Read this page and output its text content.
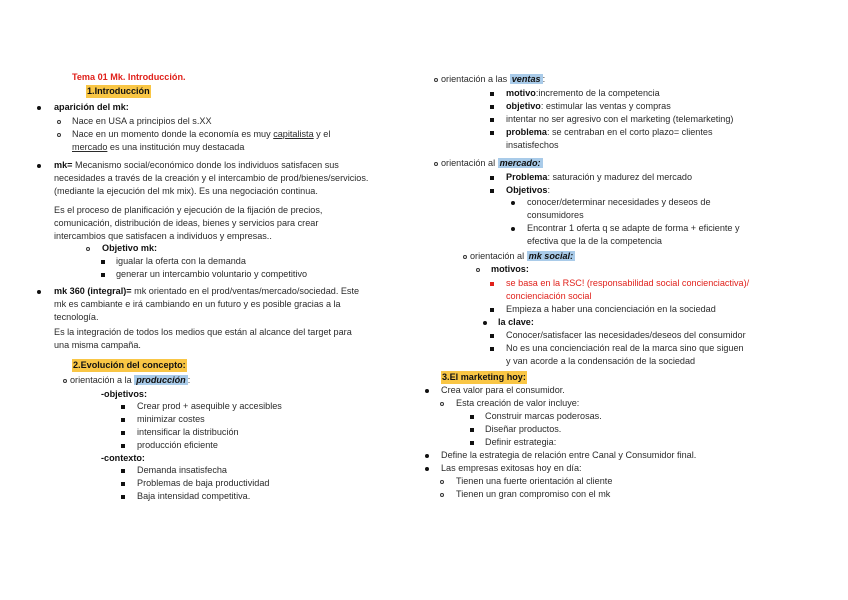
Tema 01 Mk. Introducción.
1.Introducción
aparición del mk:
Nace en USA a principios del s.XX
Nace en un momento donde la economía es muy capitalista y el
mercado es una institución muy destacada
mk= Mecanismo social/económico donde los individuos satisfacen sus
necesidades a través de la creación y el intercambio de prod/bienes/servicios.
(mediante la ejecución del mk mix). Es una negociación continua.
Es el proceso de planificación y ejecución de la fijación de precios,
comunicación, distribución de ideas, bienes y servicios para crear
intercambios que satisfacen a individuos y empresas..
Objetivo mk:
igualar la oferta con la demanda
generar un intercambio voluntario y competitivo
mk 360 (integral)= mk orientado en el prod/ventas/mercado/sociedad. Este
mk es cambiante e irá cambiando en un futuro y es posible gracias a la
tecnología.
Es la integración de todos los medios que están al alcance del target para
una misma campaña.
2.Evolución del concepto:
orientación a la producción :
-objetivos:
Crear prod + asequible y accesibles
minimizar costes
intensificar la distribución
producción eficiente
-contexto:
Demanda insatisfecha
Problemas de baja productividad
Baja intensidad competitiva.
orientación a las ventas :
motivo:incremento de la competencia
objetivo: estimular las ventas y compras
intentar no ser agresivo con el marketing (telemarketing)
problema: se centraban en el corto plazo= clientes
insatisfechos
orientación al mercado:
Problema: saturación y madurez del mercado
Objetivos:
conocer/determinar necesidades y deseos de
consumidores
Encontrar 1 oferta q se adapte de forma + eficiente y
efectiva que la de la competencia
orientación al mk social:
motivos:
se basa en la RSC! (responsabilidad social concienciactiva)/
concienciación social
Empieza a haber una concienciación en la sociedad
la clave:
Conocer/satisfacer las necesidades/deseos del consumidor
No es una concienciación real de la marca sino que siguen
y van acorde a la condensación de la sociedad
3.El marketing hoy:
Crea valor para el consumidor.
Esta creación de valor incluye:
Construir marcas poderosas.
Diseñar productos.
Definir estrategia:
Define la estrategia de relación entre Canal y Consumidor final.
Las empresas exitosas hoy en día:
Tienen una fuerte orientación al cliente
Tienen un gran compromiso con el mk
